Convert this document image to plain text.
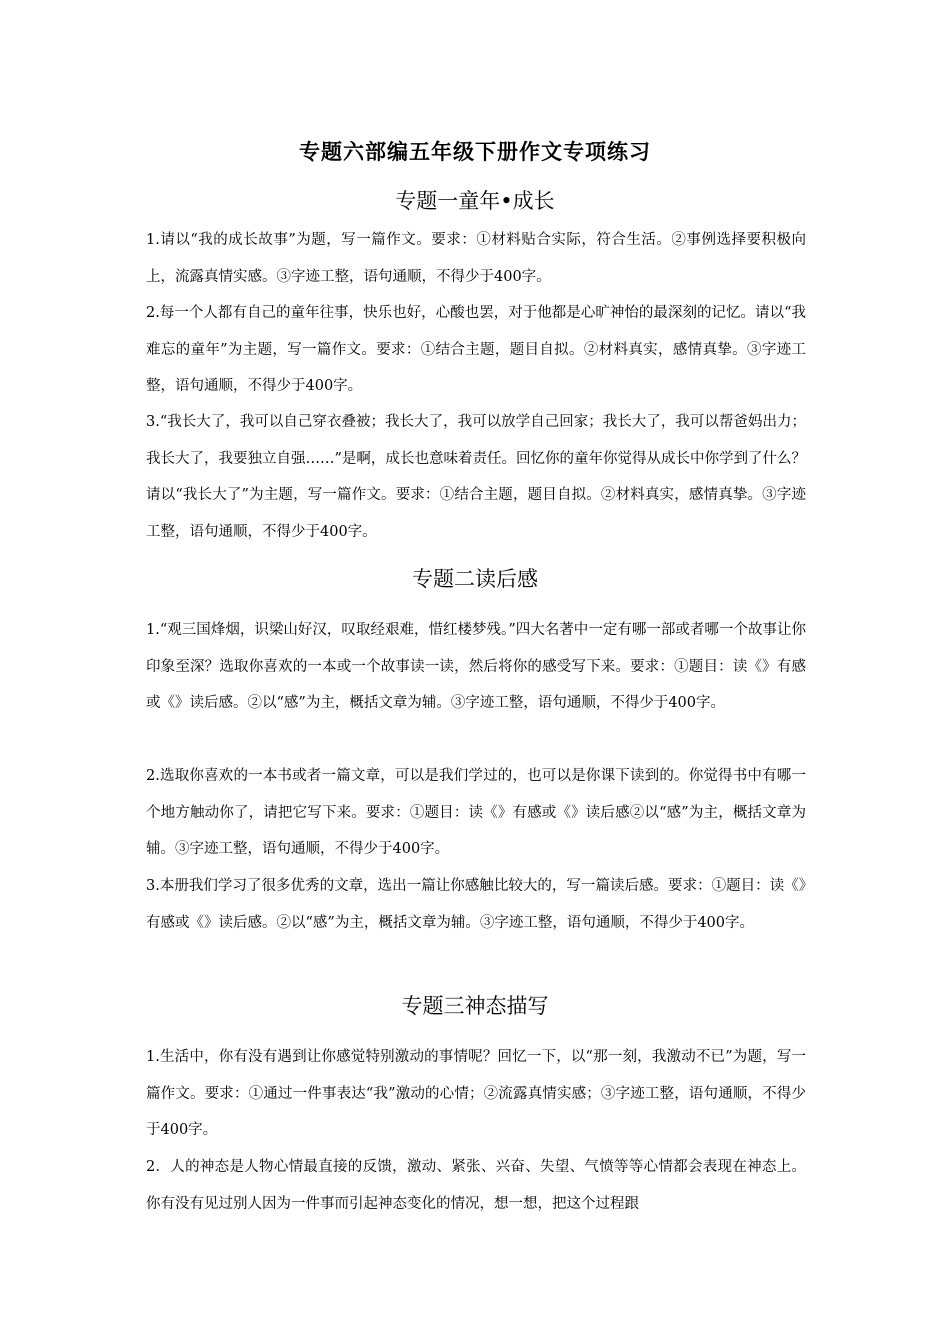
专题六部编五年级下册作文专项练习
专题一童年•成长

1.请以“我的成长故事”为题，写一篇作文。要求：①材料贴合实际，符合生活。②事例选择要积极向上，流露真情实感。③字迹工整，语句通顺，不得少于400字。

2.每一个人都有自己的童年往事，快乐也好，心酸也罢，对于他都是心旷神怡的最深刻的记忆。请以“我难忘的童年”为主题，写一篇作文。要求：①结合主题，题目自拟。②材料真实，感情真挚。③字迹工整，语句通顺，不得少于400字。

3.“我长大了，我可以自己穿衣叠被；我长大了，我可以放学自己回家；我长大了，我可以帮爸妈出力；我长大了，我要独立自强……”是啊，成长也意味着责任。回忆你的童年你觉得从成长中你学到了什么？请以“我长大了”为主题，写一篇作文。要求：①结合主题，题目自拟。②材料真实，感情真挚。③字迹工整，语句通顺，不得少于400字。

专题二读后感

1.“观三国烽烟，识梁山好汉，叹取经艰难，惜红楼梦残。”四大名著中一定有哪一部或者哪一个故事让你印象至深？选取你喜欢的一本或一个故事读一读，然后将你的感受写下来。要求：①题目：读《》有感或《》读后感。②以“感”为主，概括文章为辅。③字迹工整，语句通顺，不得少于400字。

2.选取你喜欢的一本书或者一篇文章，可以是我们学过的，也可以是你课下读到的。你觉得书中有哪一个地方触动你了，请把它写下来。要求：①题目：读《》有感或《》读后感②以“感”为主，概括文章为辅。③字迹工整，语句通顺，不得少于400字。

3.本册我们学习了很多优秀的文章，选出一篇让你感触比较大的，写一篇读后感。要求：①题目：读《》有感或《》读后感。②以“感”为主，概括文章为辅。③字迹工整，语句通顺，不得少于400字。

专题三神态描写

1.生活中，你有没有遇到让你感觉特别激动的事情呢？回忆一下，以“那一刻，我激动不已”为题，写一篇作文。要求：①通过一件事表达“我”激动的心情；②流露真情实感；③字迹工整，语句通顺，不得少于400字。

2．人的神态是人物心情最直接的反馈，激动、紧张、兴奋、失望、气愤等等心情都会表现在神态上。你有没有见过别人因为一件事而引起神态变化的情况，想一想，把这个过程跟
